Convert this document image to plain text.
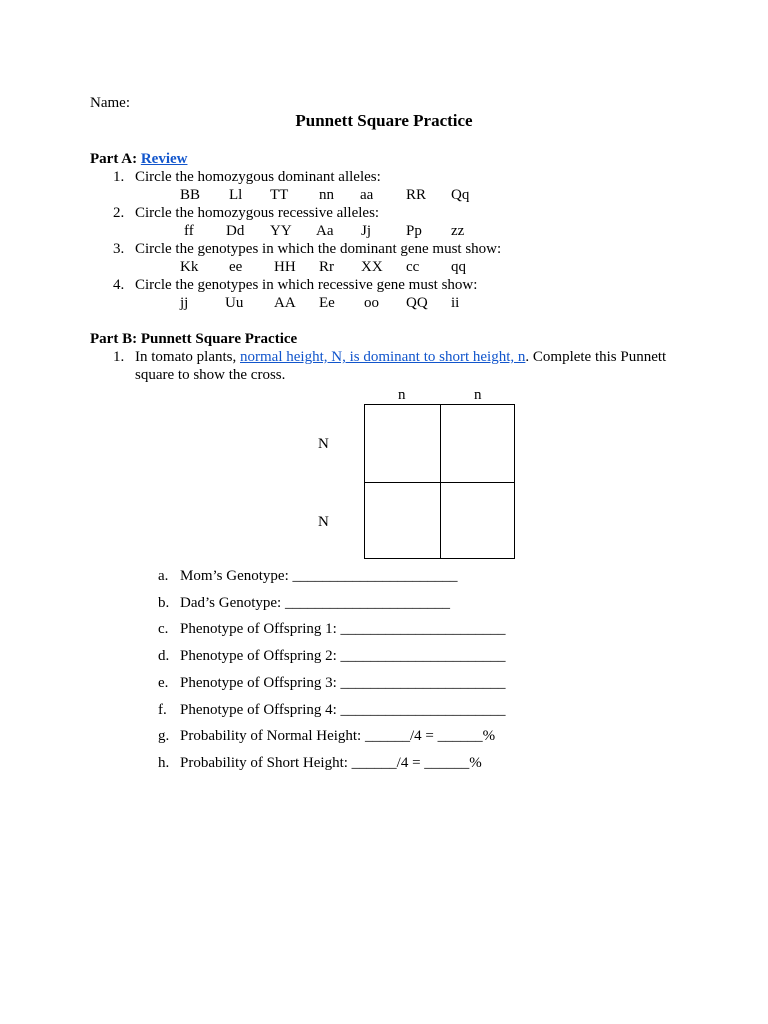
Name:
Punnett Square Practice
Part A: Review
1. Circle the homozygous dominant alleles:
BB Ll TT nn aa RR Qq
2. Circle the homozygous recessive alleles:
ff Dd YY Aa Jj Pp zz
3. Circle the genotypes in which the dominant gene must show:
Kk ee HH Rr XX cc qq
4. Circle the genotypes in which recessive gene must show:
jj Uu AA Ee oo QQ ii
Part B: Punnett Square Practice
1. In tomato plants, normal height, N, is dominant to short height, n. Complete this Punnett
square to show the cross.
n	n
N
N
a. Mom’s Genotype: ______________________
b. Dad’s Genotype: ______________________
c. Phenotype of Offspring 1: ______________________
d. Phenotype of Offspring 2: ______________________
e. Phenotype of Offspring 3: ______________________
f. Phenotype of Offspring 4: ______________________
g. Probability of Normal Height: ______/4 = ______%
h. Probability of Short Height: ______/4 = ______%
